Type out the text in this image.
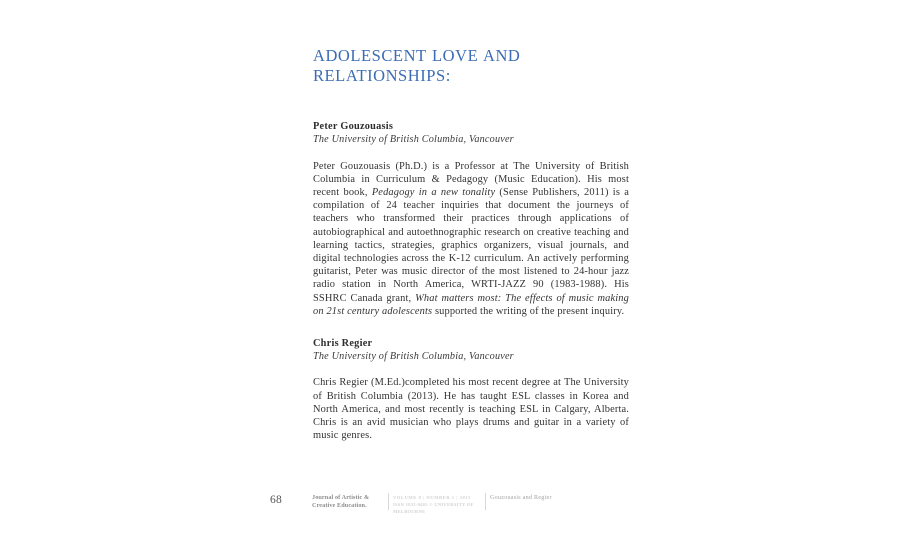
ADOLESCENT LOVE AND
RELATIONSHIPS:
Peter Gouzouasis
The University of British Columbia, Vancouver

Peter Gouzouasis (Ph.D.) is a Professor at The University of British Columbia in Curriculum & Pedagogy (Music Education). His most recent book, Pedagogy in a new tonality (Sense Publishers, 2011) is a compilation of 24 teacher inquiries that document the journeys of teachers who transformed their practices through applications of autobiographical and autoethnographic research on creative teaching and learning tactics, strategies, graphics organizers, visual journals, and digital technologies across the K-12 curriculum. An actively performing guitarist, Peter was music director of the most listened to 24-hour jazz radio station in North America, WRTI-JAZZ 90 (1983-1988). His SSHRC Canada grant, What matters most: The effects of music making on 21st century adolescents supported the writing of the present inquiry.

Chris Regier
The University of British Columbia, Vancouver

Chris Regier (M.Ed.)completed his most recent degree at The University of British Columbia (2013). He has taught ESL classes in Korea and North America, and most recently is teaching ESL in Calgary, Alberta. Chris is an avid musician who plays drums and guitar in a variety of music genres.

68	Journal of Artistic &
Creative Education.
VOLUME 9 | NUMBER 1 | 2015
ISSN 1832-0465 © UNIVERSITY OF MELBOURNE
Gouzouasis and Regier
